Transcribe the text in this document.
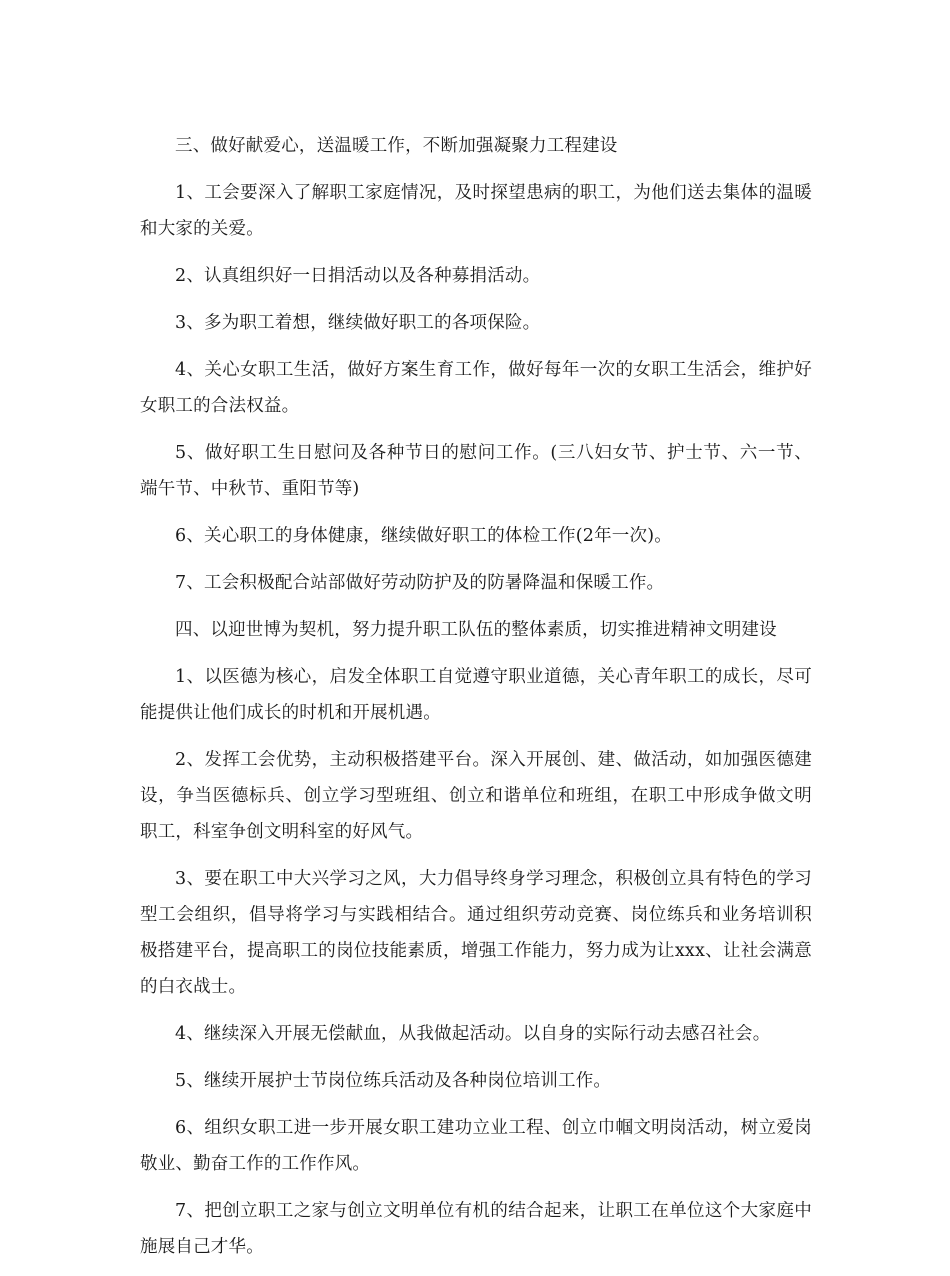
三、做好献爱心，送温暖工作，不断加强凝聚力工程建设

1、工会要深入了解职工家庭情况，及时探望患病的职工，为他们送去集体的温暖和大家的关爱。

2、认真组织好一日捐活动以及各种募捐活动。

3、多为职工着想，继续做好职工的各项保险。

4、关心女职工生活，做好方案生育工作，做好每年一次的女职工生活会，维护好女职工的合法权益。

5、做好职工生日慰问及各种节日的慰问工作。(三八妇女节、护士节、六一节、端午节、中秋节、重阳节等)

6、关心职工的身体健康，继续做好职工的体检工作(2年一次)。

7、工会积极配合站部做好劳动防护及的防暑降温和保暖工作。

四、以迎世博为契机，努力提升职工队伍的整体素质，切实推进精神文明建设

1、以医德为核心，启发全体职工自觉遵守职业道德，关心青年职工的成长，尽可能提供让他们成长的时机和开展机遇。

2、发挥工会优势，主动积极搭建平台。深入开展创、建、做活动，如加强医德建设，争当医德标兵、创立学习型班组、创立和谐单位和班组，在职工中形成争做文明职工，科室争创文明科室的好风气。

3、要在职工中大兴学习之风，大力倡导终身学习理念，积极创立具有特色的学习型工会组织，倡导将学习与实践相结合。通过组织劳动竞赛、岗位练兵和业务培训积极搭建平台，提高职工的岗位技能素质，增强工作能力，努力成为让xxx、让社会满意的白衣战士。

4、继续深入开展无偿献血，从我做起活动。以自身的实际行动去感召社会。

5、继续开展护士节岗位练兵活动及各种岗位培训工作。

6、组织女职工进一步开展女职工建功立业工程、创立巾帼文明岗活动，树立爱岗敬业、勤奋工作的工作作风。

7、把创立职工之家与创立文明单位有机的结合起来，让职工在单位这个大家庭中施展自己才华。
